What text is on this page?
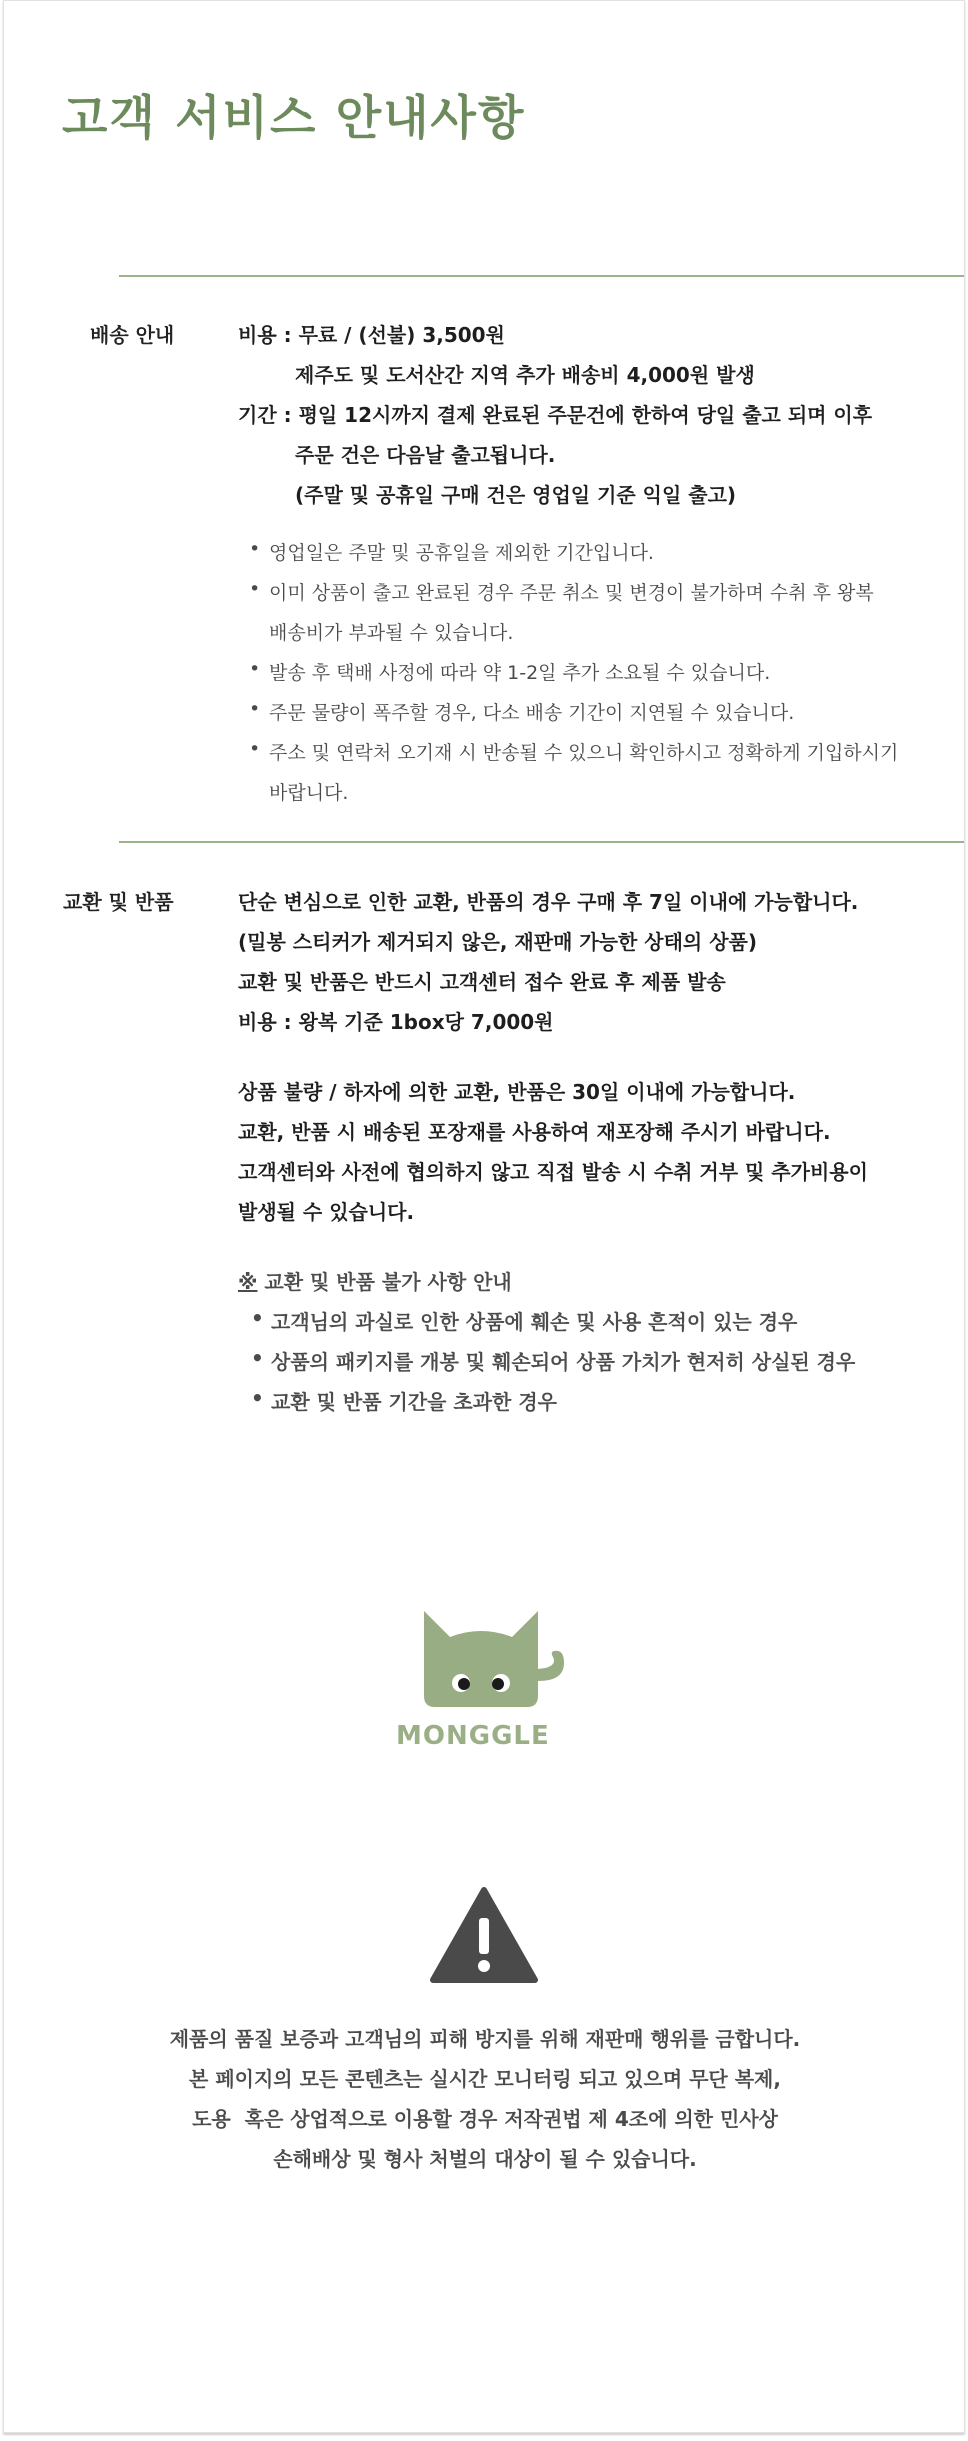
고객 서비스 안내사항
배송 안내	비용 : 무료 / (선불) 3,500원
제주도 및 도서산간 지역 추가 배송비 4,000원 발생
기간 : 평일 12시까지 결제 완료된 주문건에 한하여 당일 출고 되며 이후
주문 건은 다음날 출고됩니다.
(주말 및 공휴일 구매 건은 영업일 기준 익일 출고)
• 영업일은 주말 및 공휴일을 제외한 기간입니다.
• 이미 상품이 출고 완료된 경우 주문 취소 및 변경이 불가하며 수취 후 왕복
배송비가 부과될 수 있습니다.
• 발송 후 택배 사정에 따라 약 1-2일 추가 소요될 수 있습니다.
• 주문 물량이 폭주할 경우, 다소 배송 기간이 지연될 수 있습니다.
• 주소 및 연락처 오기재 시 반송될 수 있으니 확인하시고 정확하게 기입하시기
바랍니다.
교환 및 반품	단순 변심으로 인한 교환, 반품의 경우 구매 후 7일 이내에 가능합니다.
(밀봉 스티커가 제거되지 않은, 재판매 가능한 상태의 상품)
교환 및 반품은 반드시 고객센터 접수 완료 후 제품 발송
비용 : 왕복 기준 1box당 7,000원
상품 불량 / 하자에 의한 교환, 반품은 30일 이내에 가능합니다.
교환, 반품 시 배송된 포장재를 사용하여 재포장해 주시기 바랍니다.
고객센터와 사전에 협의하지 않고 직접 발송 시 수취 거부 및 추가비용이
발생될 수 있습니다.
※ 교환 및 반품 불가 사항 안내
• 고객님의 과실로 인한 상품에 훼손 및 사용 흔적이 있는 경우
• 상품의 패키지를 개봉 및 훼손되어 상품 가치가 현저히 상실된 경우
• 교환 및 반품 기간을 초과한 경우
MONGGLE
제품의 품질 보증과 고객님의 피해 방지를 위해 재판매 행위를 금합니다.
본 페이지의 모든 콘텐츠는 실시간 모니터링 되고 있으며 무단 복제,
도용  혹은 상업적으로 이용할 경우 저작권법 제 4조에 의한 민사상
손해배상 및 형사 처벌의 대상이 될 수 있습니다.
